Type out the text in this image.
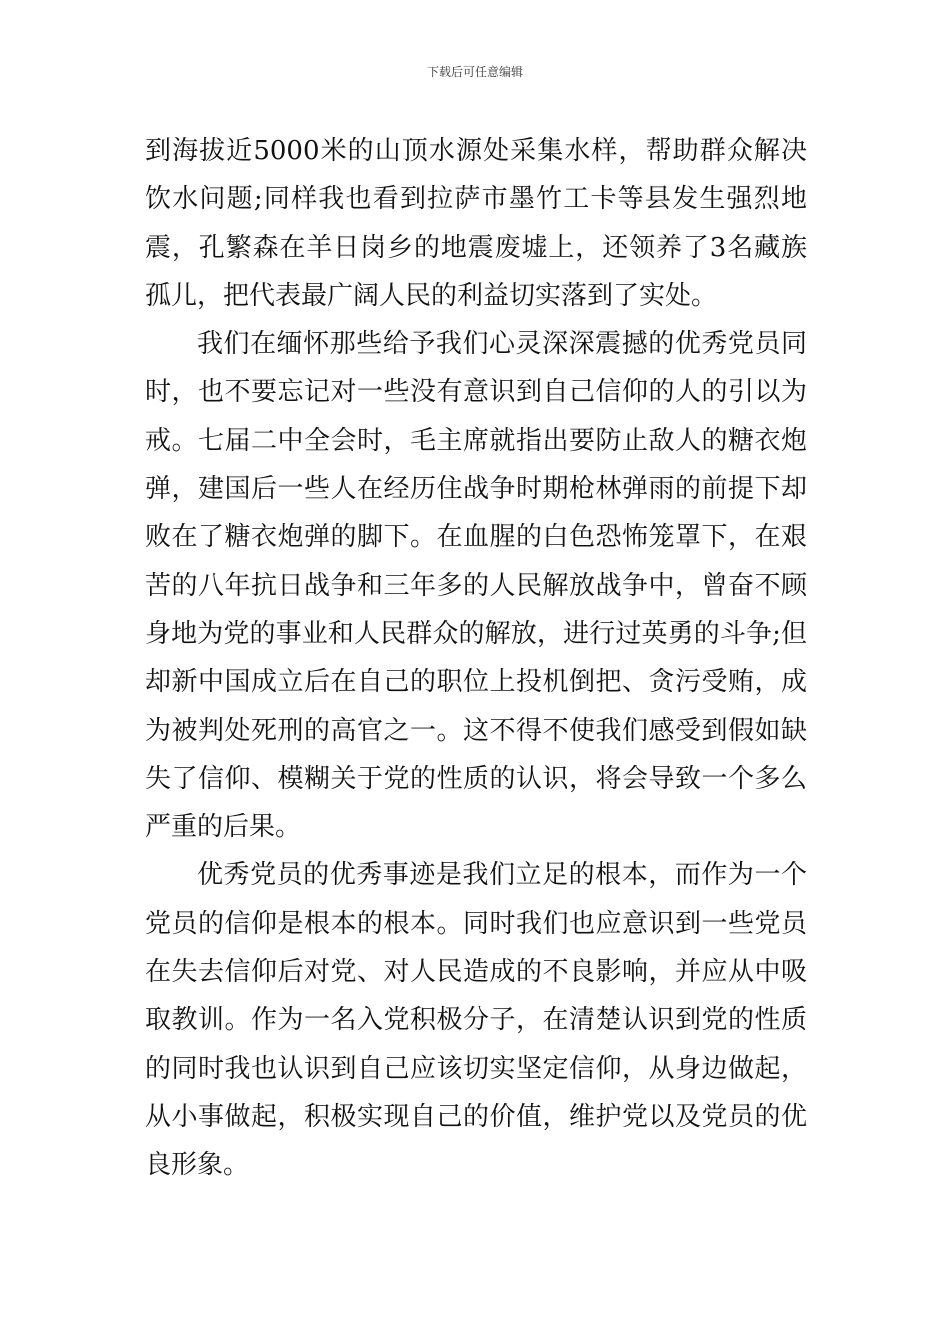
下载后可任意编辑

到海拔近5000米的山顶水源处采集水样，帮助群众解决饮水问题;同样我也看到拉萨市墨竹工卡等县发生强烈地震，孔繁森在羊日岗乡的地震废墟上，还领养了3名藏族孤儿，把代表最广阔人民的利益切实落到了实处。

我们在缅怀那些给予我们心灵深深震撼的优秀党员同时，也不要忘记对一些没有意识到自己信仰的人的引以为戒。七届二中全会时，毛主席就指出要防止敌人的糖衣炮弹，建国后一些人在经历住战争时期枪林弹雨的前提下却败在了糖衣炮弹的脚下。在血腥的白色恐怖笼罩下，在艰苦的八年抗日战争和三年多的人民解放战争中，曾奋不顾身地为党的事业和人民群众的解放，进行过英勇的斗争;但却新中国成立后在自己的职位上投机倒把、贪污受贿，成为被判处死刑的高官之一。这不得不使我们感受到假如缺失了信仰、模糊关于党的性质的认识，将会导致一个多么严重的后果。

优秀党员的优秀事迹是我们立足的根本，而作为一个党员的信仰是根本的根本。同时我们也应意识到一些党员在失去信仰后对党、对人民造成的不良影响，并应从中吸取教训。作为一名入党积极分子，在清楚认识到党的性质的同时我也认识到自己应该切实坚定信仰，从身边做起，从小事做起，积极实现自己的价值，维护党以及党员的优良形象。
